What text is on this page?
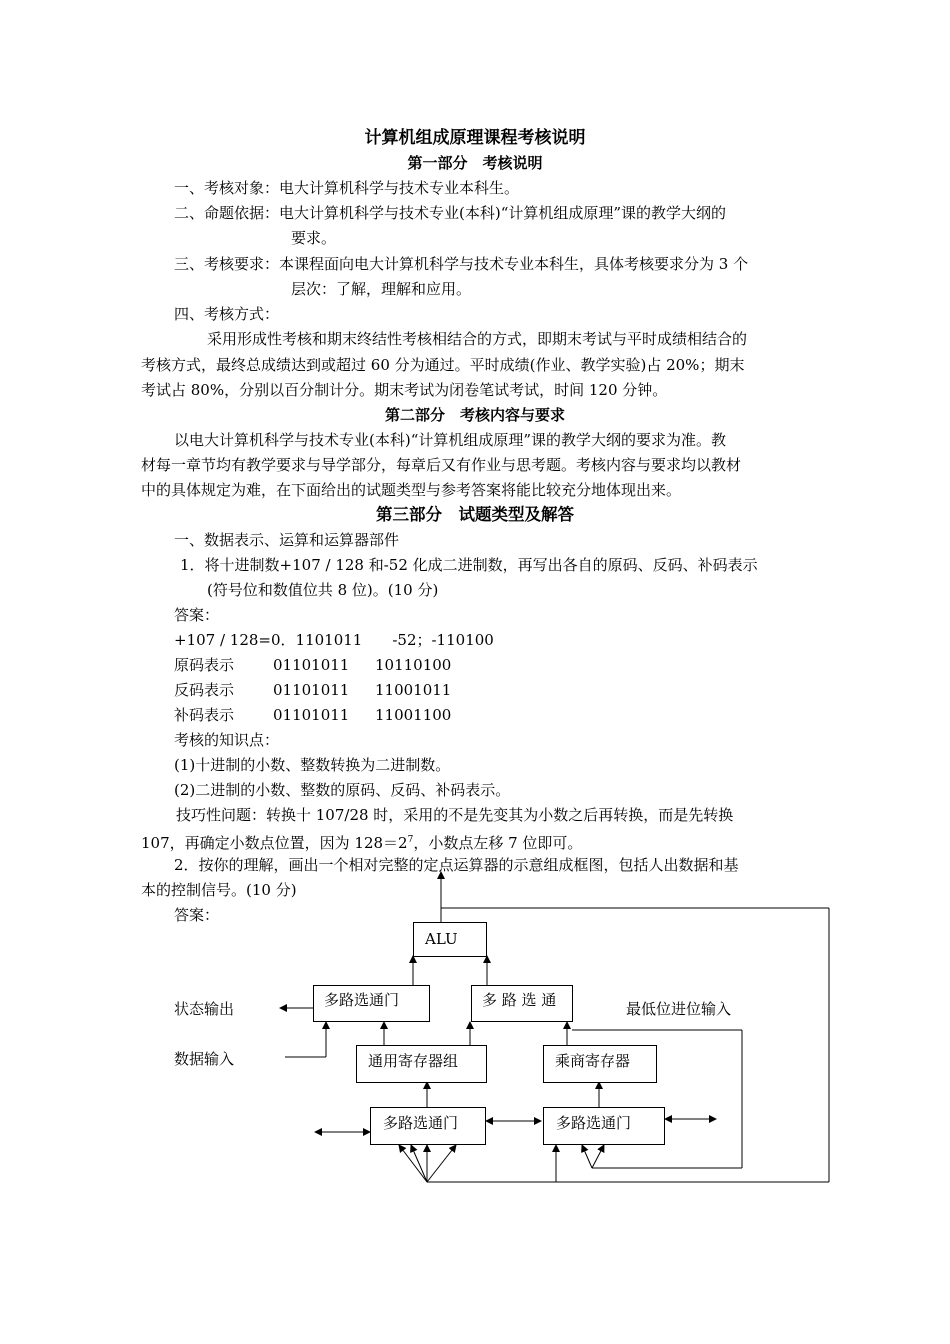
计算机组成原理课程考核说明
第一部分　考核说明
一、考核对象：电大计算机科学与技术专业本科生。
二、命题依据：电大计算机科学与技术专业(本科)“计算机组成原理”课的教学大纲的
要求。
三、考核要求：本课程面向电大计算机科学与技术专业本科生，具体考核要求分为 3 个
层次：了解，理解和应用。
四、考核方式：
采用形成性考核和期末终结性考核相结合的方式，即期末考试与平时成绩相结合的
考核方式，最终总成绩达到或超过 60 分为通过。平时成绩(作业、教学实验)占 20%；期末
考试占 80%，分别以百分制计分。期末考试为闭卷笔试考试，时间 120 分钟。
第二部分　考核内容与要求
以电大计算机科学与技术专业(本科)“计算机组成原理”课的教学大纲的要求为准。教
材每一章节均有教学要求与导学部分，每章后又有作业与思考题。考核内容与要求均以教材
中的具体规定为难，在下面给出的试题类型与参考答案将能比较充分地体现出来。
第三部分　试题类型及解答
一、数据表示、运算和运算器部件
1．将十进制数+107 / 128 和-52 化成二进制数，再写出各自的原码、反码、补码表示
(符号位和数值位共 8 位)。(10 分)
答案：
+107 / 128=0．1101011　　-52；-110100
原码表示	01101011 10110100
反码表示	01101011 11001011
补码表示	01101011 11001100
考核的知识点：
(1)十进制的小数、整数转换为二进制数。
(2)二进制的小数、整数的原码、反码、补码表示。
技巧性问题：转换十 107/28 时，采用的不是先变其为小数之后再转换，而是先转换
107，再确定小数点位置，因为 $128=2^7$，小数点左移 7 位即可。
2．按你的理解，画出一个相对完整的定点运算器的示意组成框图，包括人出数据和基
本的控制信号。(10 分)
答案：
ALU
多路选通门	多 路 选 通
通用寄存器组	乘商寄存器
多路选通门	多路选通门
状态输出
数据输入
最低位进位输入
